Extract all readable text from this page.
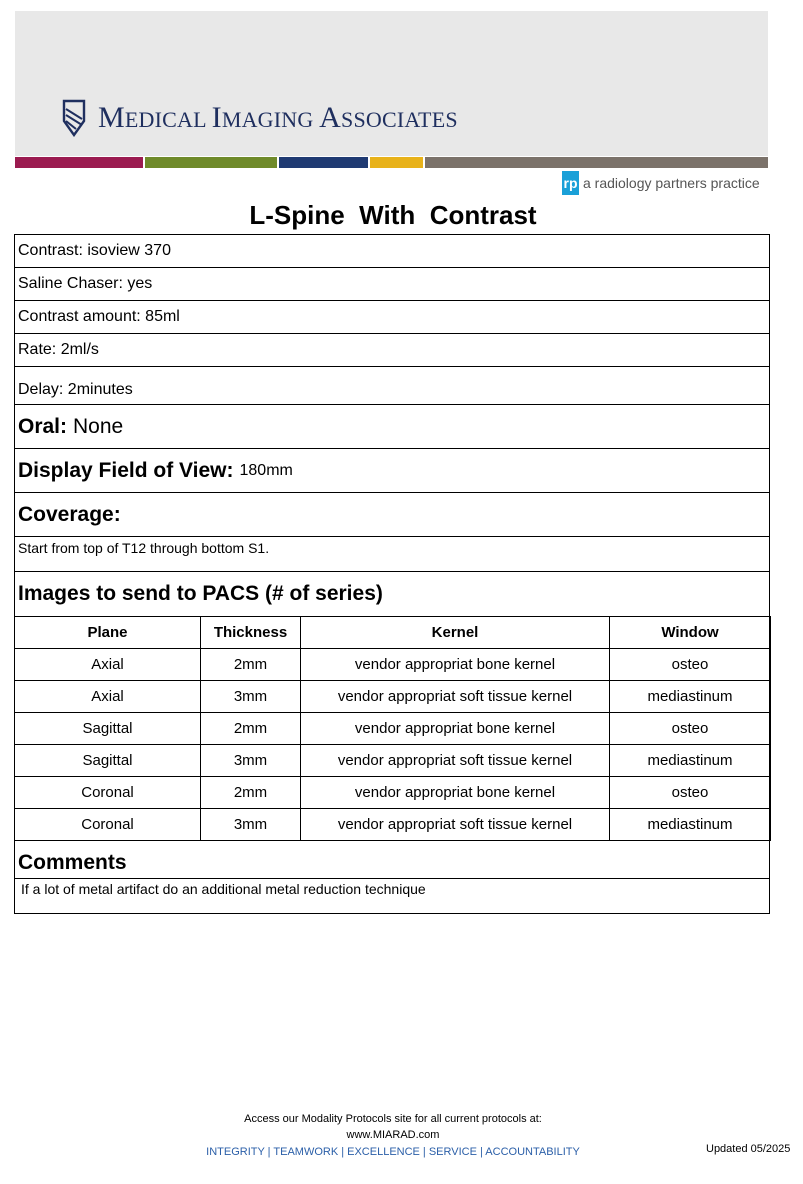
MEDICAL IMAGING ASSOCIATES
rp a radiology partners practice
L-Spine  With  Contrast
Contrast: isoview 370
Saline Chaser: yes
Contrast amount: 85ml
Rate: 2ml/s
Delay: 2minutes
Oral: None
Display Field of View: 180mm
Coverage:
Start from top of T12 through bottom S1.
Images to send to PACS (# of series)
Plane	Thickness	Kernel	Window
Axial	2mm	vendor appropriat bone kernel	osteo
Axial	3mm	vendor appropriat soft tissue kernel	mediastinum
Sagittal	2mm	vendor appropriat bone kernel	osteo
Sagittal	3mm	vendor appropriat soft tissue kernel	mediastinum
Coronal	2mm	vendor appropriat bone kernel	osteo
Coronal	3mm	vendor appropriat soft tissue kernel	mediastinum
Comments
If a lot of metal artifact do an additional metal reduction technique
Access our Modality Protocols site for all current protocols at:
www.MIARAD.com
INTEGRITY | TEAMWORK | EXCELLENCE | SERVICE | ACCOUNTABILITY	Updated 05/2025
